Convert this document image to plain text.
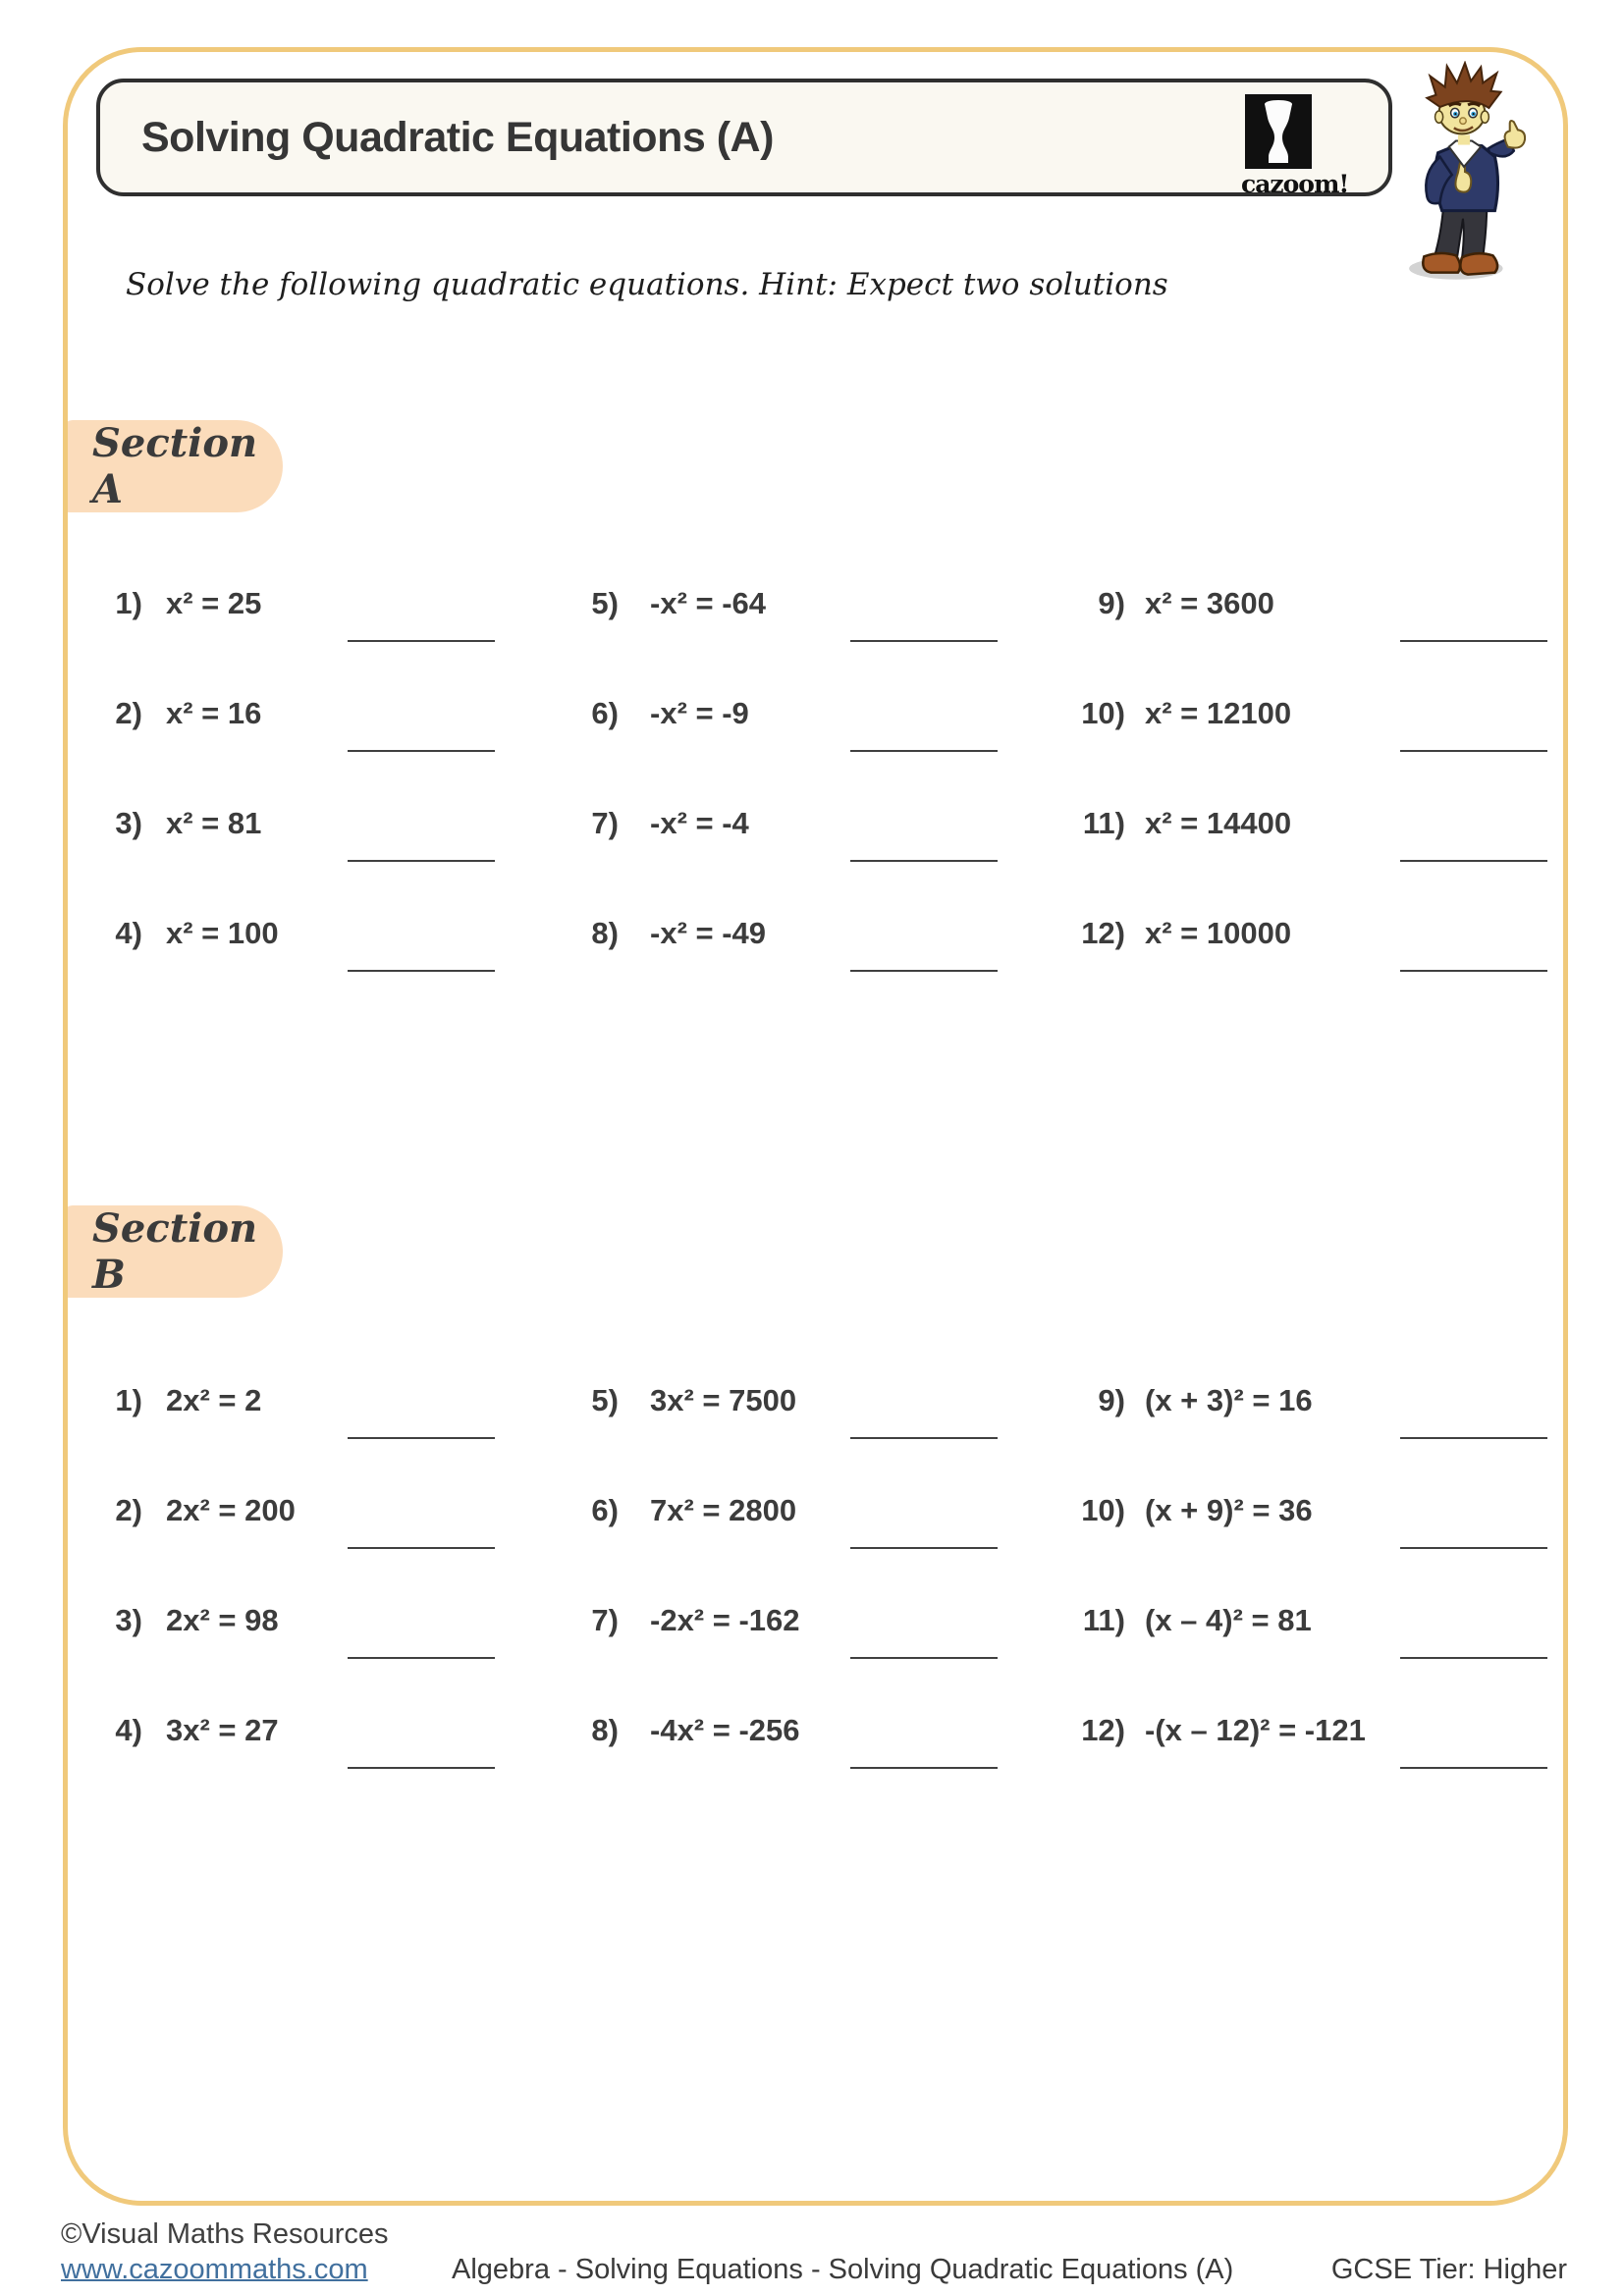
Solving Quadratic Equations (A)
cazoom!

Solve the following quadratic equations. Hint: Expect two solutions

Section A
1) x² = 25
2) x² = 16
3) x² = 81
4) x² = 100
5) -x² = -64
6) -x² = -9
7) -x² = -4
8) -x² = -49
9) x² = 3600
10) x² = 12100
11) x² = 14400
12) x² = 10000
Section B
1) 2x² = 2
2) 2x² = 200
3) 2x² = 98
4) 3x² = 27
5) 3x² = 7500
6) 7x² = 2800
7) -2x² = -162
8) -4x² = -256
9) (x + 3)² = 16
10) (x + 9)² = 36
11) (x – 4)² = 81
12) -(x – 12)² = -121
©Visual Maths Resources
www.cazoommaths.com	Algebra - Solving Equations - Solving Quadratic Equations (A)	GCSE Tier: Higher
